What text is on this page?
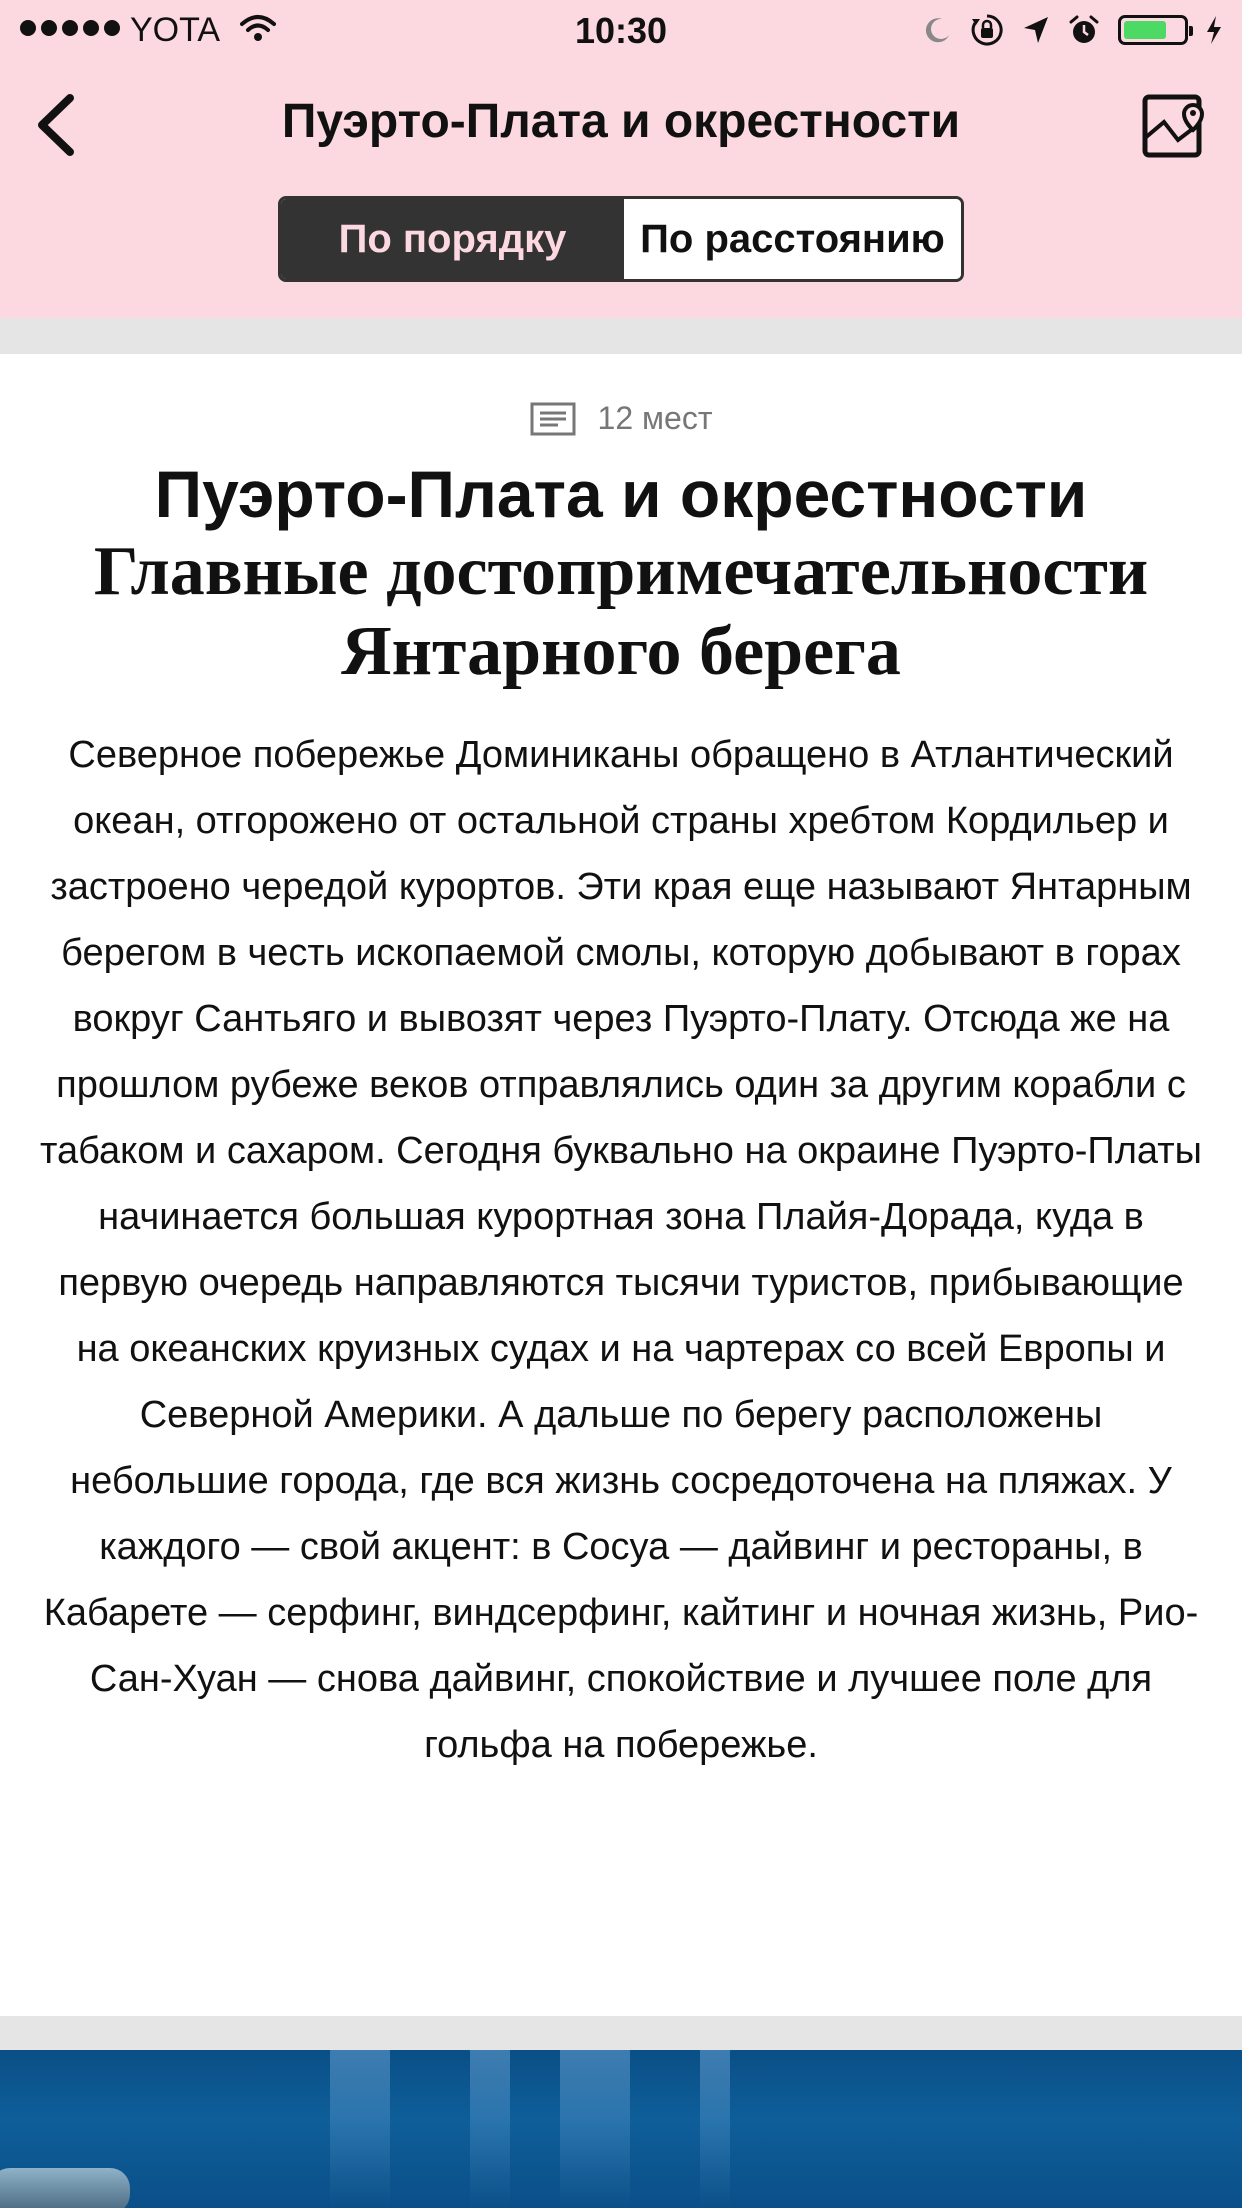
YOTA	10:30
Пуэрто-Плата и окрестности
По порядку	По расстоянию
12 мест
Пуэрто-Плата и окрестности
Главные достопримечательности Янтарного берега

Северное побережье Доминиканы обращено в Атлантический океан, отгорожено от остальной страны хребтом Кордильер и застроено чередой курортов. Эти края еще называют Янтарным берегом в честь ископаемой смолы, которую добывают в горах вокруг Сантьяго и вывозят через Пуэрто-Плату. Отсюда же на прошлом рубеже веков отправлялись один за другим корабли с табаком и сахаром. Сегодня буквально на окраине Пуэрто-Платы начинается большая курортная зона Плайя-Дорада, куда в первую очередь направляются тысячи туристов, прибывающие на океанских круизных судах и на чартерах со всей Европы и Северной Америки. А дальше по берегу расположены небольшие города, где вся жизнь сосредоточена на пляжах. У каждого — свой акцент: в Сосуа — дайвинг и рестораны, в Кабарете — серфинг, виндсерфинг, кайтинг и ночная жизнь, Рио-Сан-Хуан — снова дайвинг, спокойствие и лучшее поле для гольфа на побережье.
